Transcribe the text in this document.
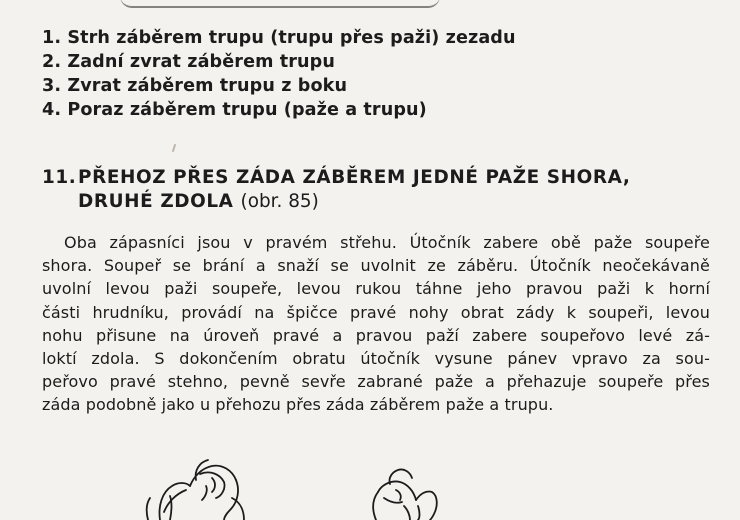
1. Strh záběrem trupu (trupu přes paži) zezadu
2. Zadní zvrat záběrem trupu
3. Zvrat záběrem trupu z boku
4. Poraz záběrem trupu (paže a trupu)
11. PŘEHOZ PŘES ZÁDA ZÁBĚREM JEDNÉ PAŽE SHORA,
DRUHÉ ZDOLA (obr. 85)

Oba zápasníci jsou v pravém střehu. Útočník zabere obě paže soupeře
shora. Soupeř se brání a snaží se uvolnit ze záběru. Útočník neočekávaně
uvolní levou paži soupeře, levou rukou táhne jeho pravou paži k horní
části hrudníku, provádí na špičce pravé nohy obrat zády k soupeři, levou
nohu přisune na úroveň pravé a pravou paží zabere soupeřovo levé zá-
loktí zdola. S dokončením obratu útočník vysune pánev vpravo za sou-
peřovo pravé stehno, pevně sevře zabrané paže a přehazuje soupeře přes
záda podobně jako u přehozu přes záda záběrem paže a trupu.
